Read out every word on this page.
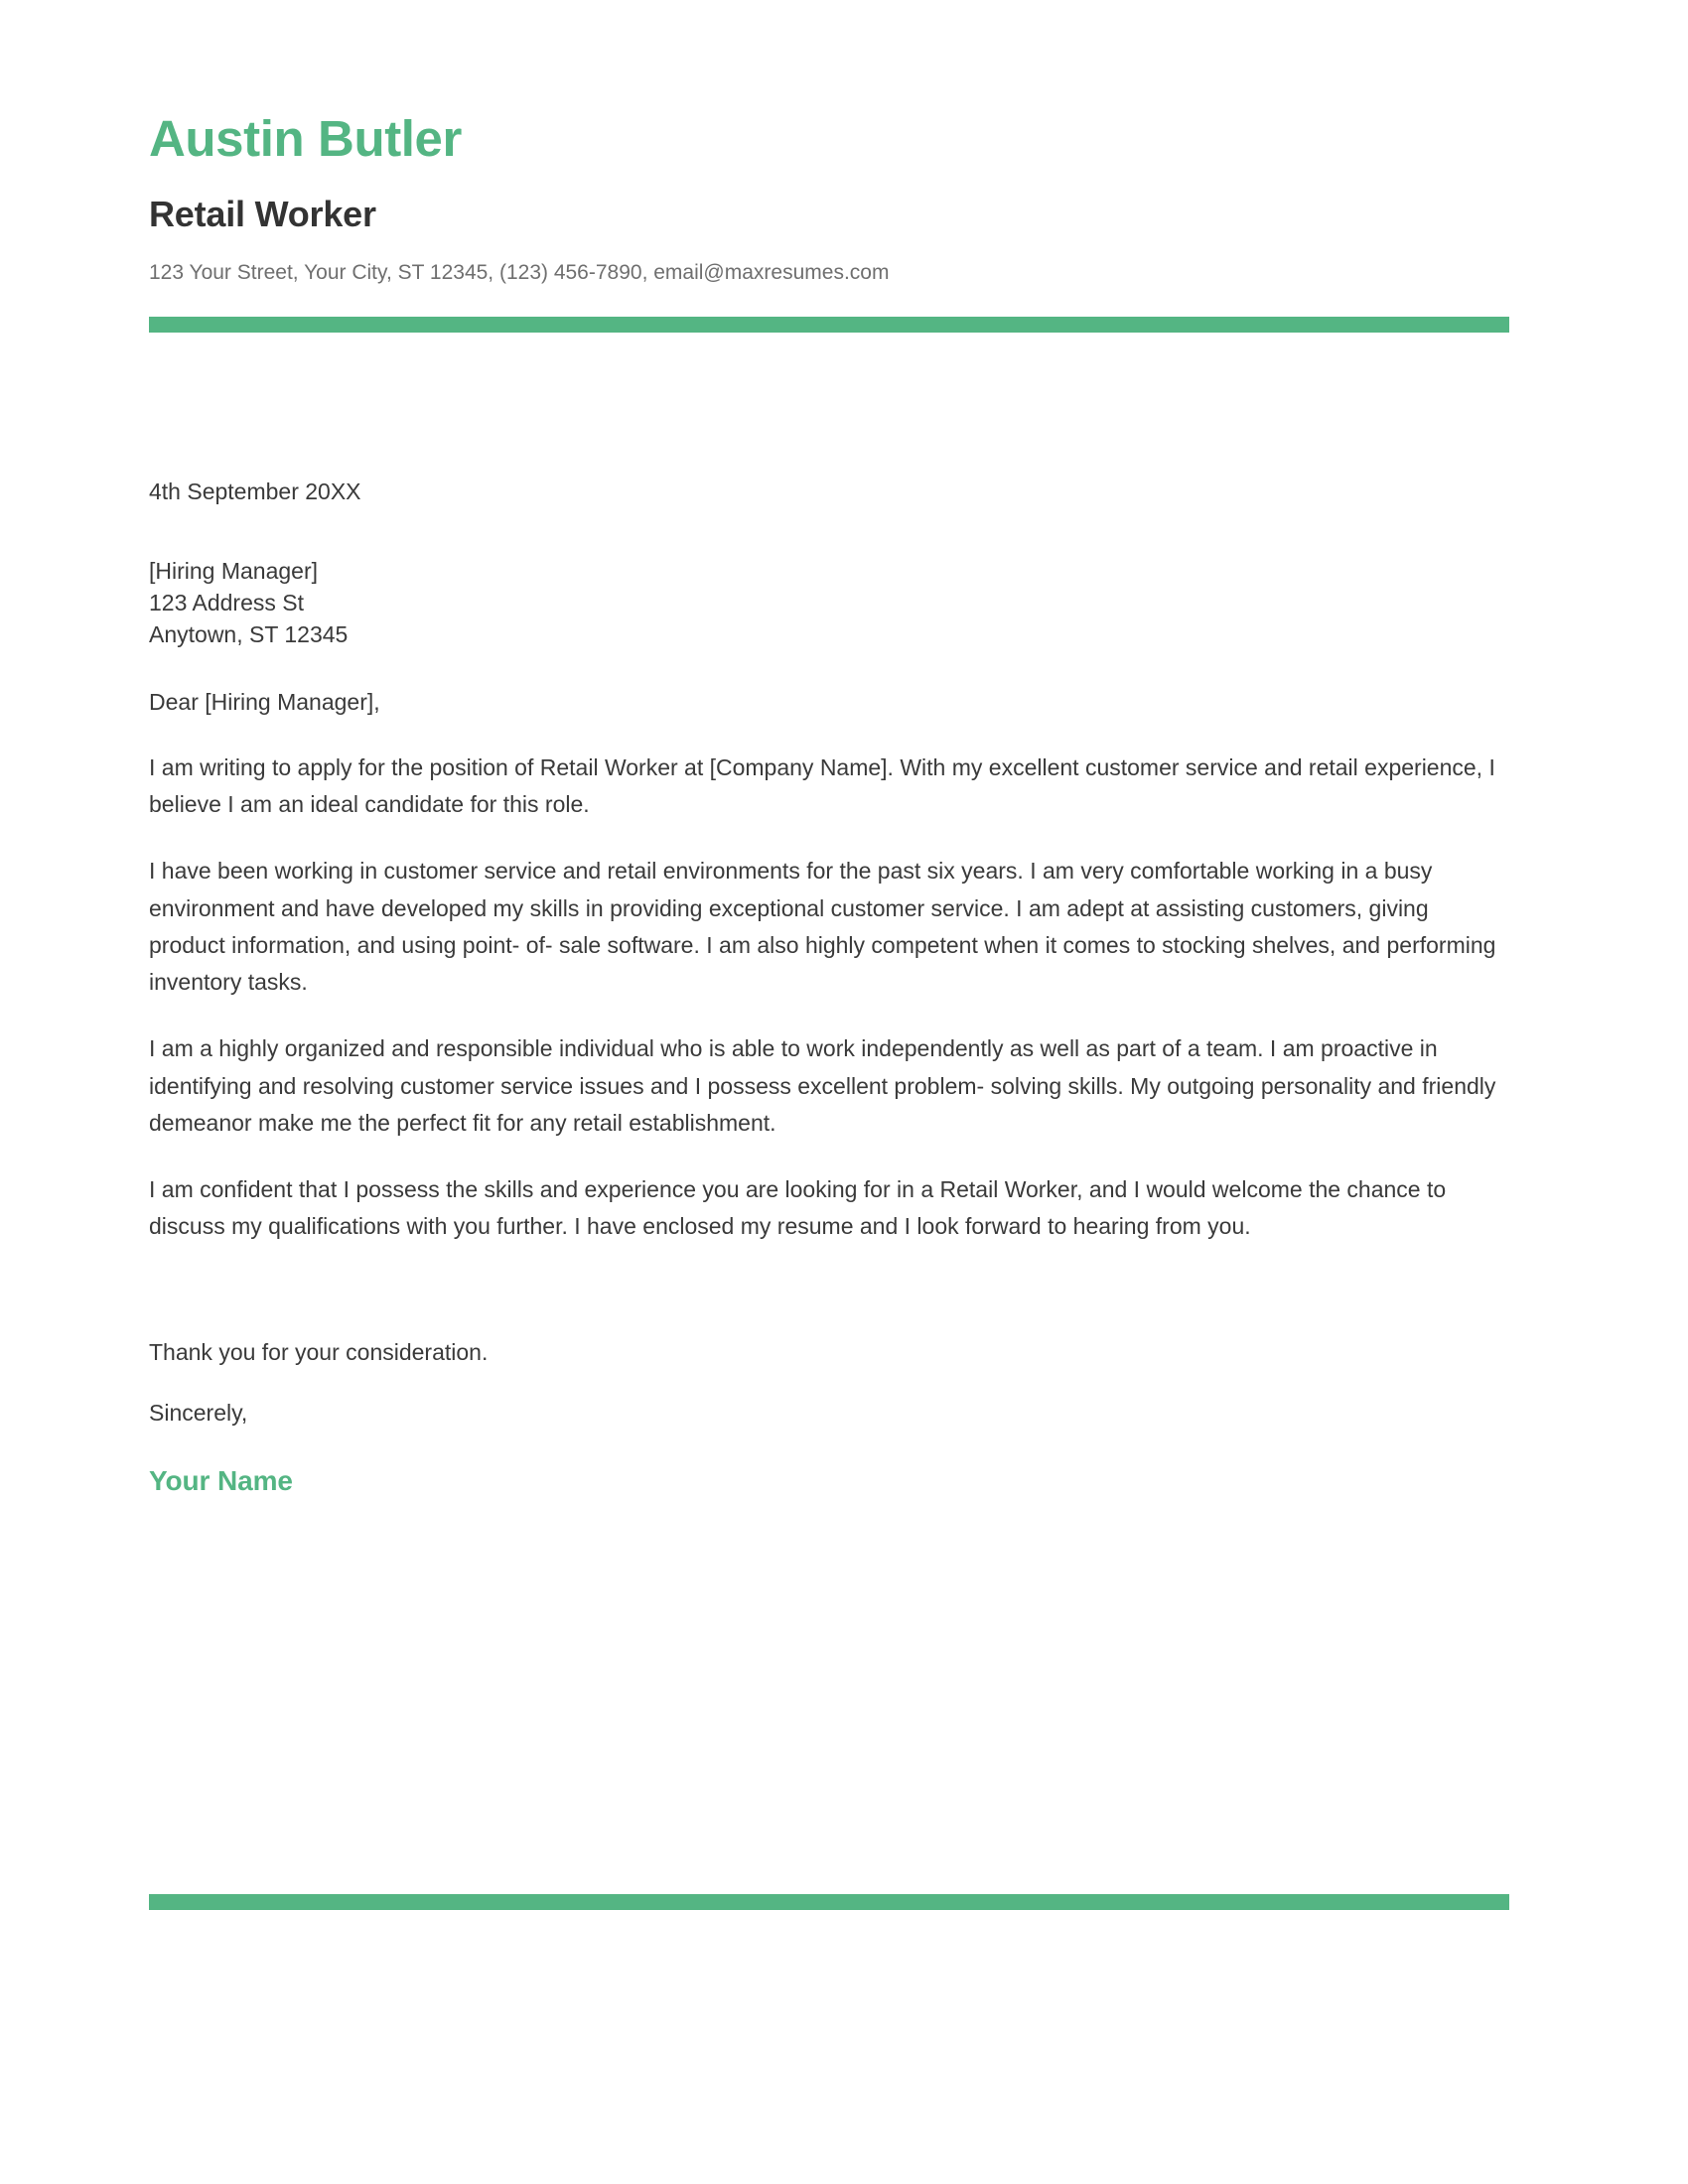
Austin Butler
Retail Worker

123 Your Street, Your City, ST 12345, (123) 456-7890, email@maxresumes.com

4th September 20XX

[Hiring Manager]
123 Address St
Anytown, ST 12345

Dear [Hiring Manager],

I am writing to apply for the position of Retail Worker at [Company Name]. With my excellent customer service and retail experience, I believe I am an ideal candidate for this role.

I have been working in customer service and retail environments for the past six years. I am very comfortable working in a busy environment and have developed my skills in providing exceptional customer service. I am adept at assisting customers, giving product information, and using point- of- sale software. I am also highly competent when it comes to stocking shelves, and performing inventory tasks.

I am a highly organized and responsible individual who is able to work independently as well as part of a team. I am proactive in identifying and resolving customer service issues and I possess excellent problem- solving skills. My outgoing personality and friendly demeanor make me the perfect fit for any retail establishment.

I am confident that I possess the skills and experience you are looking for in a Retail Worker, and I would welcome the chance to discuss my qualifications with you further. I have enclosed my resume and I look forward to hearing from you.

Thank you for your consideration.

Sincerely,

Your Name
